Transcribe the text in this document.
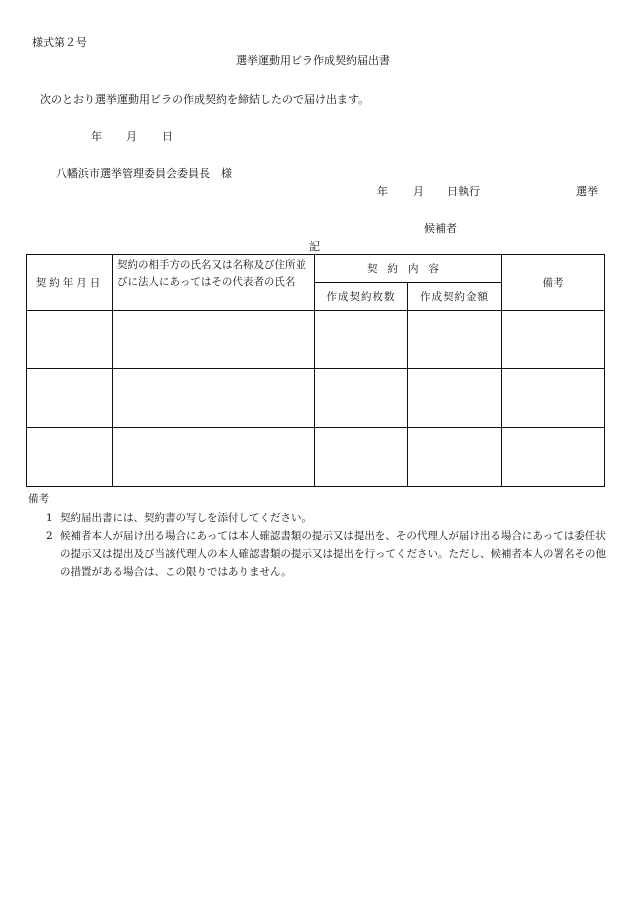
様式第２号
選挙運動用ビラ作成契約届出書
次のとおり選挙運動用ビラの作成契約を締結したので届け出ます。
年 月 日
八幡浜市選挙管理委員会委員長　様
年 月 日執行	選挙
候補者
記
契約年月日	契約の相手方の氏名又は名称及び住所並びに法人にあってはその代表者の氏名	契約内容		備考
		作成契約枚数	作成契約金額	

備考
1 契約届出書には、契約書の写しを添付してください。
2 候補者本人が届け出る場合にあっては本人確認書類の提示又は提出を、その代理人が届け出る場合にあっては委任状の提示又は提出及び当該代理人の本人確認書類の提示又は提出を行ってください。ただし、候補者本人の署名その他の措置がある場合は、この限りではありません。
